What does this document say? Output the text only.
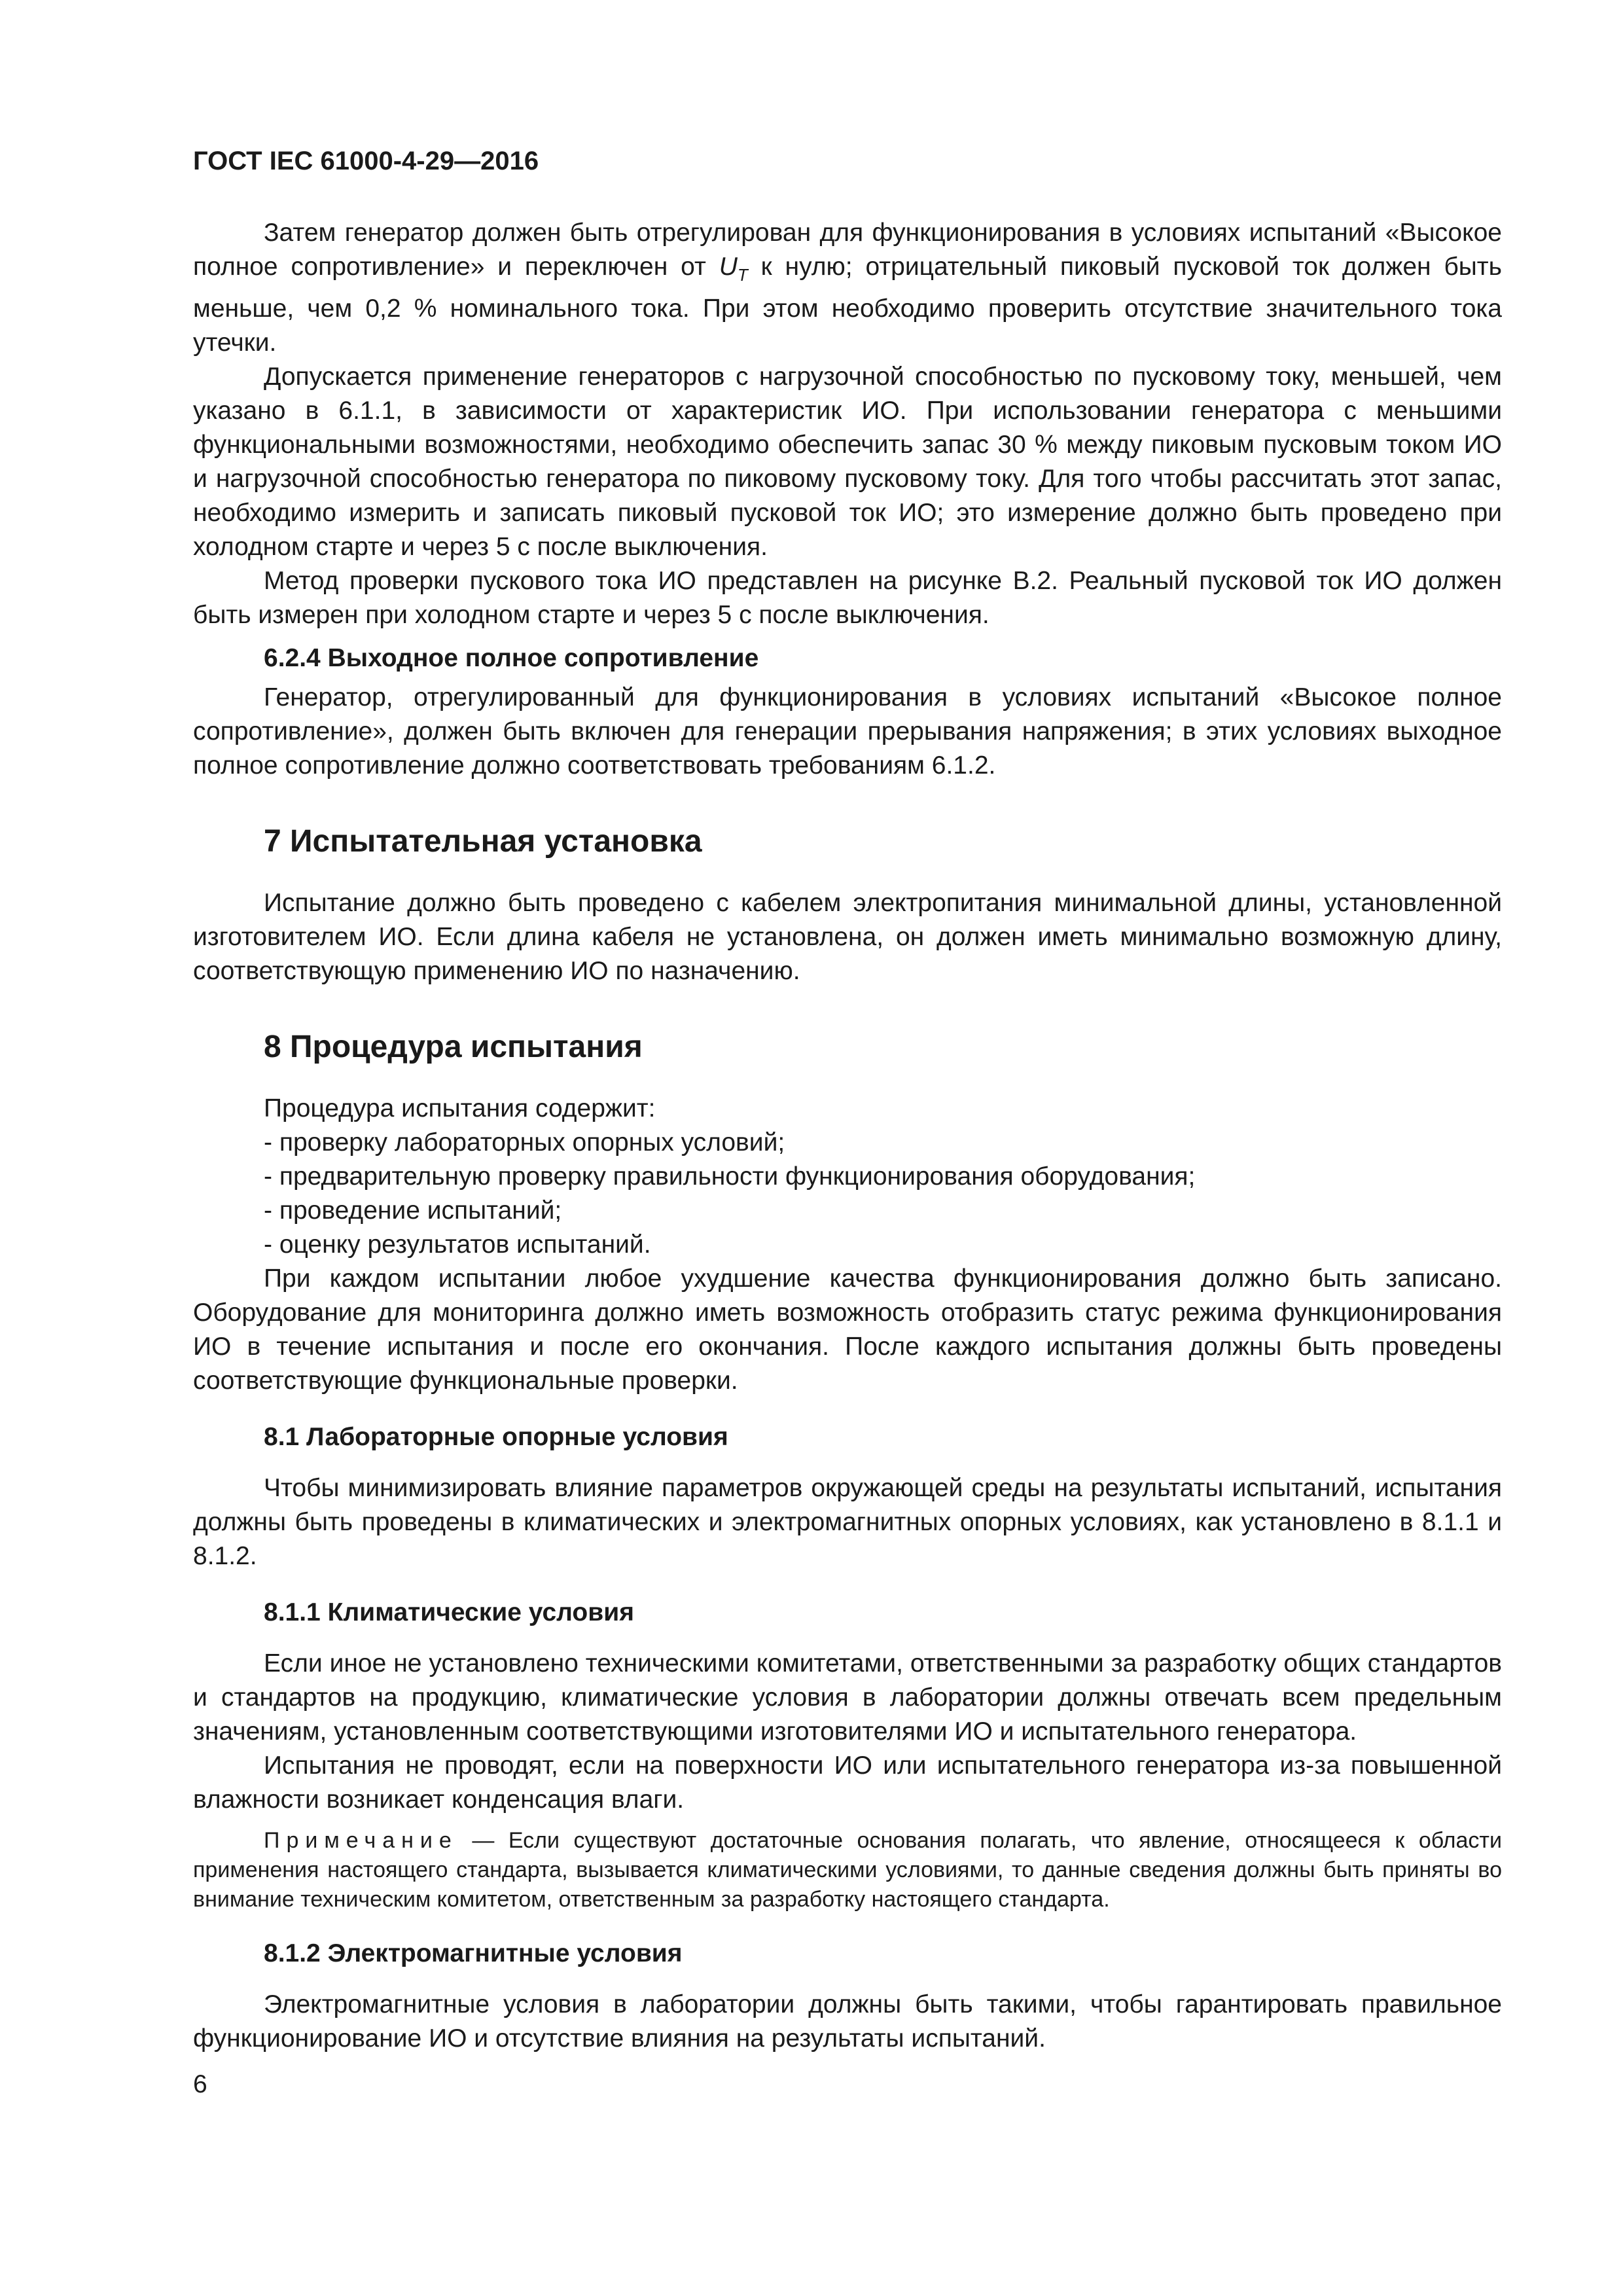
ГОСТ IEC 61000-4-29—2016

Затем генератор должен быть отрегулирован для функционирования в условиях испытаний «Высокое полное сопротивление» и переключен от $U_T$ к нулю; отрицательный пиковый пусковой ток должен быть меньше, чем 0,2 % номинального тока. При этом необходимо проверить отсутствие значительного тока утечки.

Допускается применение генераторов с нагрузочной способностью по пусковому току, меньшей, чем указано в 6.1.1, в зависимости от характеристик ИО. При использовании генератора с меньшими функциональными возможностями, необходимо обеспечить запас 30 % между пиковым пусковым током ИО и нагрузочной способностью генератора по пиковому пусковому току. Для того чтобы рассчитать этот запас, необходимо измерить и записать пиковый пусковой ток ИО; это измерение должно быть проведено при холодном старте и через 5 с после выключения.

Метод проверки пускового тока ИО представлен на рисунке В.2. Реальный пусковой ток ИО должен быть измерен при холодном старте и через 5 с после выключения.

6.2.4 Выходное полное сопротивление

Генератор, отрегулированный для функционирования в условиях испытаний «Высокое полное сопротивление», должен быть включен для генерации прерывания напряжения; в этих условиях выходное полное сопротивление должно соответствовать требованиям 6.1.2.

7 Испытательная установка

Испытание должно быть проведено с кабелем электропитания минимальной длины, установленной изготовителем ИО. Если длина кабеля не установлена, он должен иметь минимально возможную длину, соответствующую применению ИО по назначению.

8 Процедура испытания

Процедура испытания содержит:

- проверку лабораторных опорных условий;

- предварительную проверку правильности функционирования оборудования;

- проведение испытаний;

- оценку результатов испытаний.

При каждом испытании любое ухудшение качества функционирования должно быть записано. Оборудование для мониторинга должно иметь возможность отобразить статус режима функционирования ИО в течение испытания и после его окончания. После каждого испытания должны быть проведены соответствующие функциональные проверки.

8.1 Лабораторные опорные условия

Чтобы минимизировать влияние параметров окружающей среды на результаты испытаний, испытания должны быть проведены в климатических и электромагнитных опорных условиях, как установлено в 8.1.1 и 8.1.2.

8.1.1 Климатические условия

Если иное не установлено техническими комитетами, ответственными за разработку общих стандартов и стандартов на продукцию, климатические условия в лаборатории должны отвечать всем предельным значениям, установленным соответствующими изготовителями ИО и испытательного генератора.

Испытания не проводят, если на поверхности ИО или испытательного генератора из-за повышенной влажности возникает конденсация влаги.

Примечание — Если существуют достаточные основания полагать, что явление, относящееся к области применения настоящего стандарта, вызывается климатическими условиями, то данные сведения должны быть приняты во внимание техническим комитетом, ответственным за разработку настоящего стандарта.
8.1.2 Электромагнитные условия

Электромагнитные условия в лаборатории должны быть такими, чтобы гарантировать правильное функционирование ИО и отсутствие влияния на результаты испытаний.

6
